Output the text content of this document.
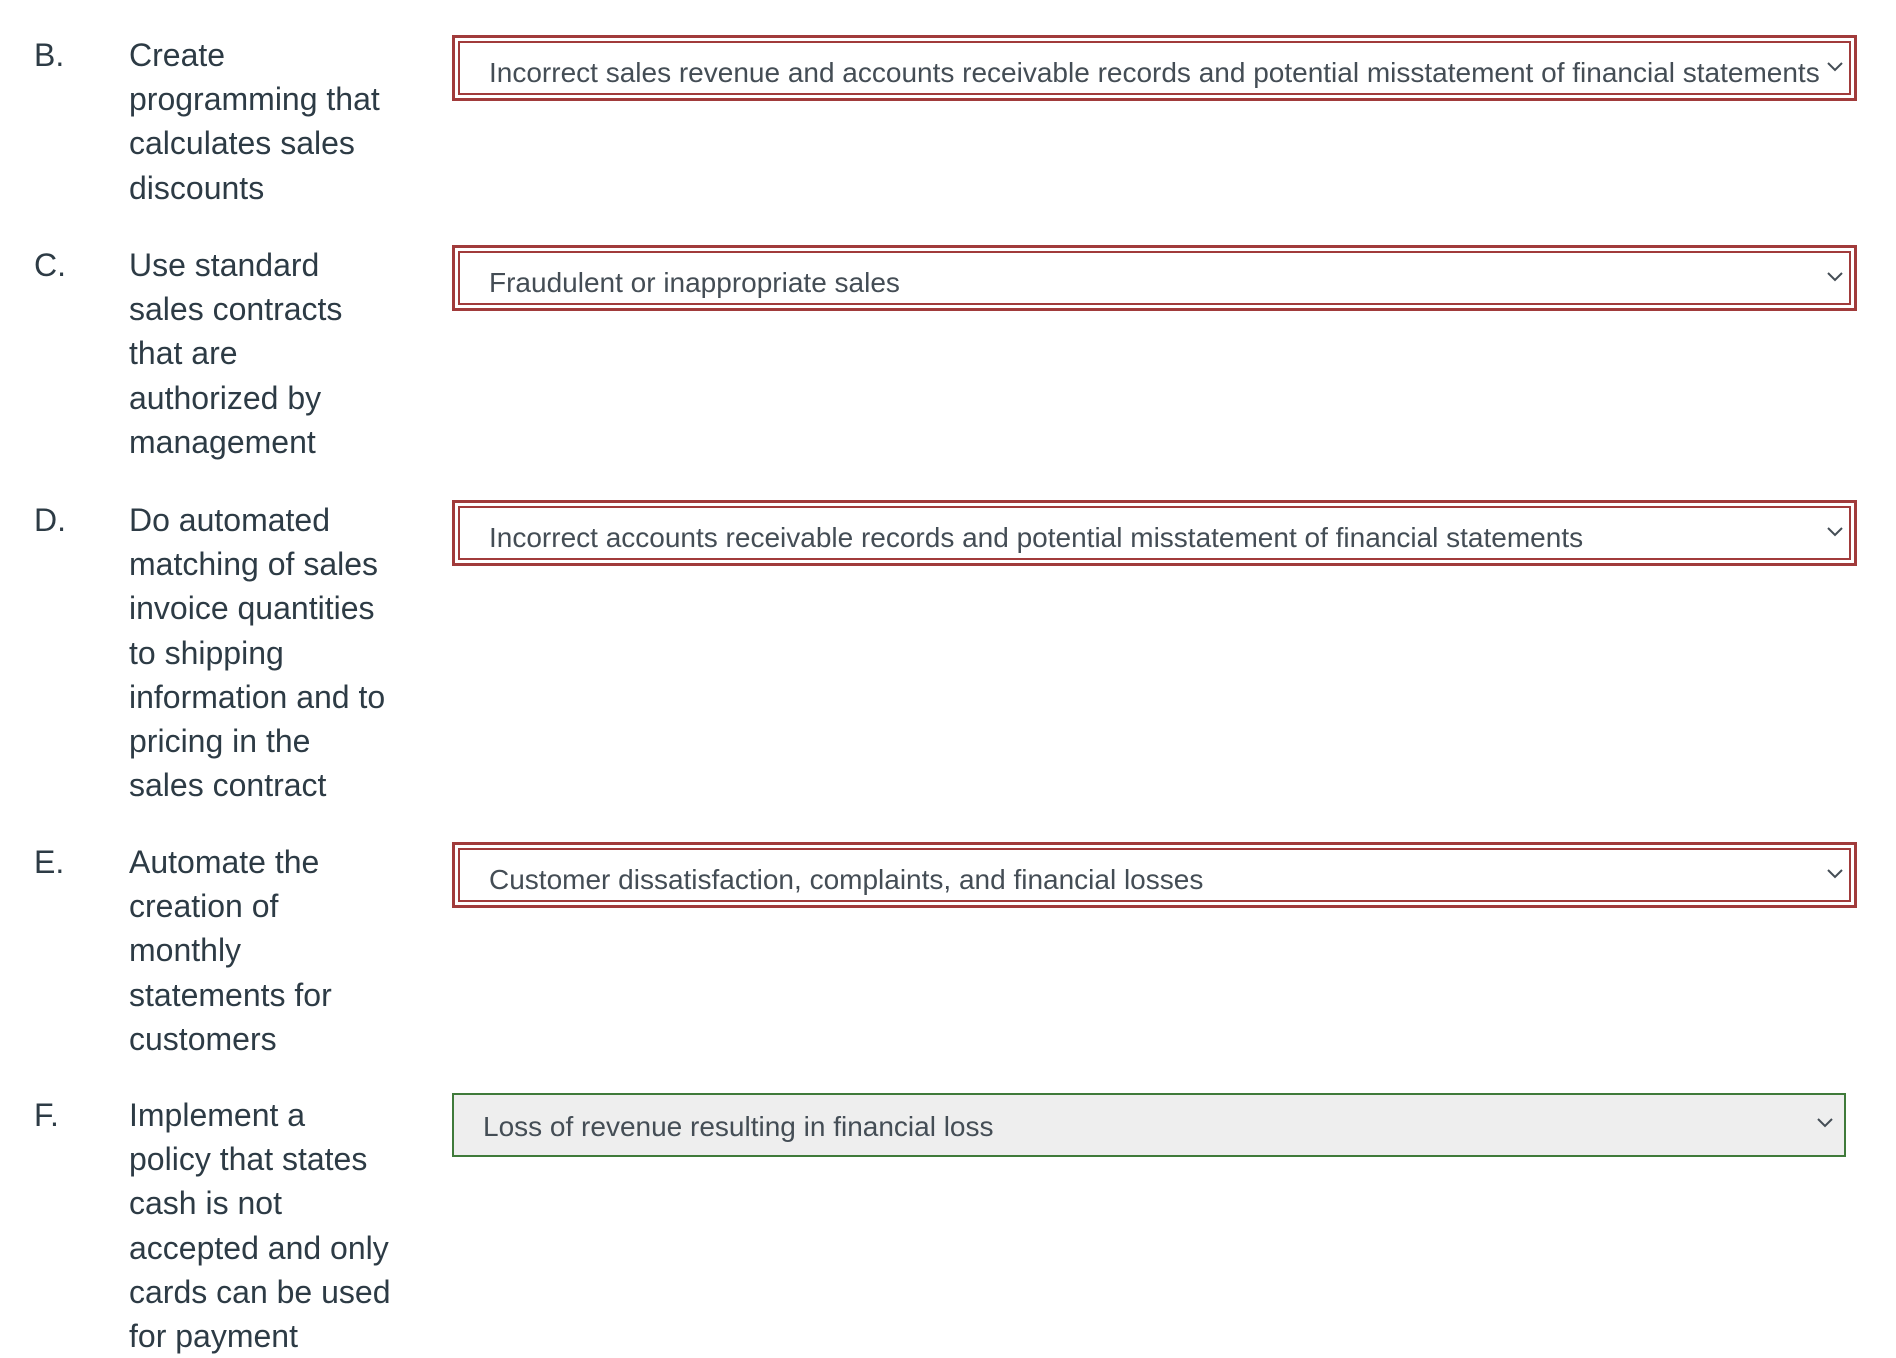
B. Create programming that calculates sales discounts
Incorrect sales revenue and accounts receivable records and potential misstatement of financial statements
C. Use standard sales contracts that are authorized by management
Fraudulent or inappropriate sales
D. Do automated matching of sales invoice quantities to shipping information and to pricing in the sales contract
Incorrect accounts receivable records and potential misstatement of financial statements
E. Automate the creation of monthly statements for customers
Customer dissatisfaction, complaints, and financial losses
F. Implement a policy that states cash is not accepted and only cards can be used for payment
Loss of revenue resulting in financial loss
